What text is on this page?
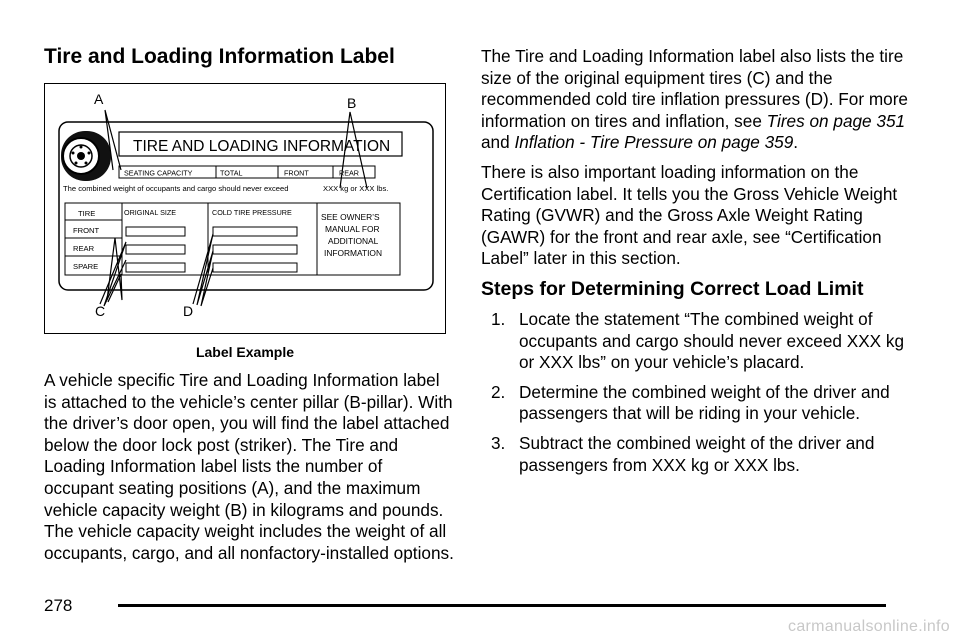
Tire and Loading Information Label
TIRE AND LOADING INFORMATION
SEATING CAPACITY	TOTAL	FRONT	REAR
The combined weight of occupants and cargo should never exceed	XXX kg or XXX lbs.
TIRE	ORIGINAL SIZE	COLD TIRE PRESSURE
FRONT
REAR
SPARE
SEE OWNER’S
MANUAL FOR
ADDITIONAL
INFORMATION
A	B
C	D
Label Example

A vehicle specific Tire and Loading Information label is attached to the vehicle’s center pillar (B-pillar). With the driver’s door open, you will find the label attached below the door lock post (striker). The Tire and Loading Information label lists the number of occupant seating positions (A), and the maximum vehicle capacity weight (B) in kilograms and pounds. The vehicle capacity weight includes the weight of all occupants, cargo, and all nonfactory-installed options.

The Tire and Loading Information label also lists the tire size of the original equipment tires (C) and the recommended cold tire inflation pressures (D). For more information on tires and inflation, see Tires on page 351 and Inflation - Tire Pressure on page 359.

There is also important loading information on the Certification label. It tells you the Gross Vehicle Weight Rating (GVWR) and the Gross Axle Weight Rating (GAWR) for the front and rear axle, see “Certification Label” later in this section.

Steps for Determining Correct Load Limit
1. Locate the statement “The combined weight of occupants and cargo should never exceed XXX kg or XXX lbs” on your vehicle’s placard.
2. Determine the combined weight of the driver and passengers that will be riding in your vehicle.
3. Subtract the combined weight of the driver and passengers from XXX kg or XXX lbs.
278
carmanualsonline.info
